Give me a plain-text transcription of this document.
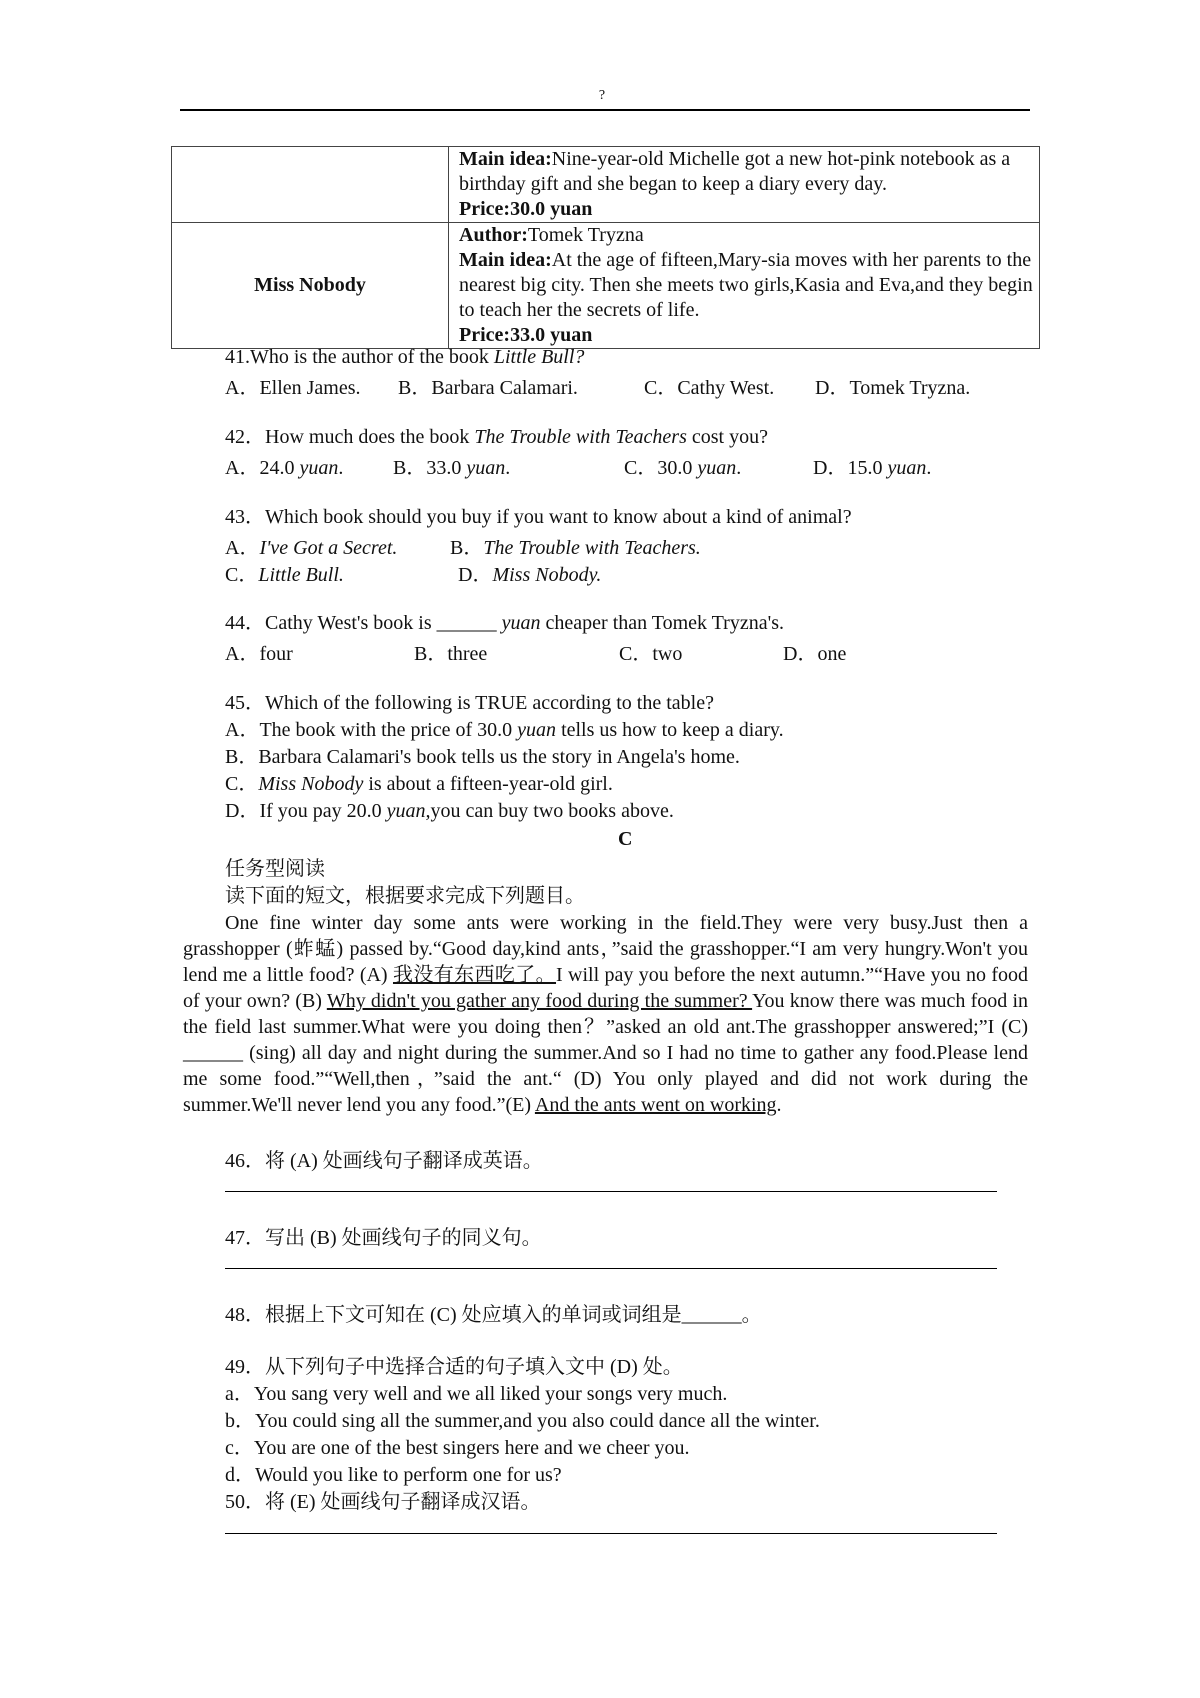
?
	Main idea:Nine-year-old Michelle got a new hot-pink notebook as a birthday gift and she began to keep a diary every day.
Price:30.0 yuan
Miss Nobody	Author:Tomek Tryzna
Main idea:At the age of fifteen,Mary-sia moves with her parents to the nearest big city. Then she meets two girls,Kasia and Eva,and they begin to teach her the secrets of life.
Price:33.0 yuan
41.Who is the author of the book Little Bull?
A．Ellen James. B．Barbara Calamari.	C．Cathy West. D．Tomek Tryzna.
42．How much does the book The Trouble with Teachers cost you?
A．24.0 yuan. B．33.0 yuan.	C．30.0 yuan.	D．15.0 yuan.
43．Which book should you buy if you want to know about a kind of animal?
A．I've Got a Secret.	B．The Trouble with Teachers.
C．Little Bull.	D．Miss Nobody.
44．Cathy West's book is ______ yuan cheaper than Tomek Tryzna's.
A．four	B．three	C．two	D．one
45．Which of the following is TRUE according to the table?
A．The book with the price of 30.0 yuan tells us how to keep a diary.
B．Barbara Calamari's book tells us the story in Angela's home.
C．Miss Nobody is about a fifteen-year-old girl.
D．If you pay 20.0 yuan,you can buy two books above.
C
任务型阅读
读下面的短文，根据要求完成下列题目。

One fine winter day some ants were working in the field.They were very busy.Just then a grasshopper (蚱蜢) passed by.“Good day,kind ants，”said the grasshopper.“I am very hungry.Won't you lend me a little food? (A) 我没有东西吃了。I will pay you before the next autumn.”“Have you no food of your own? (B) Why didn't you gather any food during the summer? You know there was much food in the field last summer.What were you doing then？”asked an old ant.The grasshopper answered;”I (C) ______ (sing) all day and night during the summer.And so I had no time to gather any food.Please lend me some food.”“Well,then，”said the ant.“ (D) You only played and did not work during the summer.We'll never lend you any food.”(E) And the ants went on working.

46．将 (A) 处画线句子翻译成英语。
47．写出 (B) 处画线句子的同义句。
48．根据上下文可知在 (C) 处应填入的单词或词组是______。
49．从下列句子中选择合适的句子填入文中 (D) 处。
a．You sang very well and we all liked your songs very much.
b．You could sing all the summer,and you also could dance all the winter.
c．You are one of the best singers here and we cheer you.
d．Would you like to perform one for us?
50．将 (E) 处画线句子翻译成汉语。
